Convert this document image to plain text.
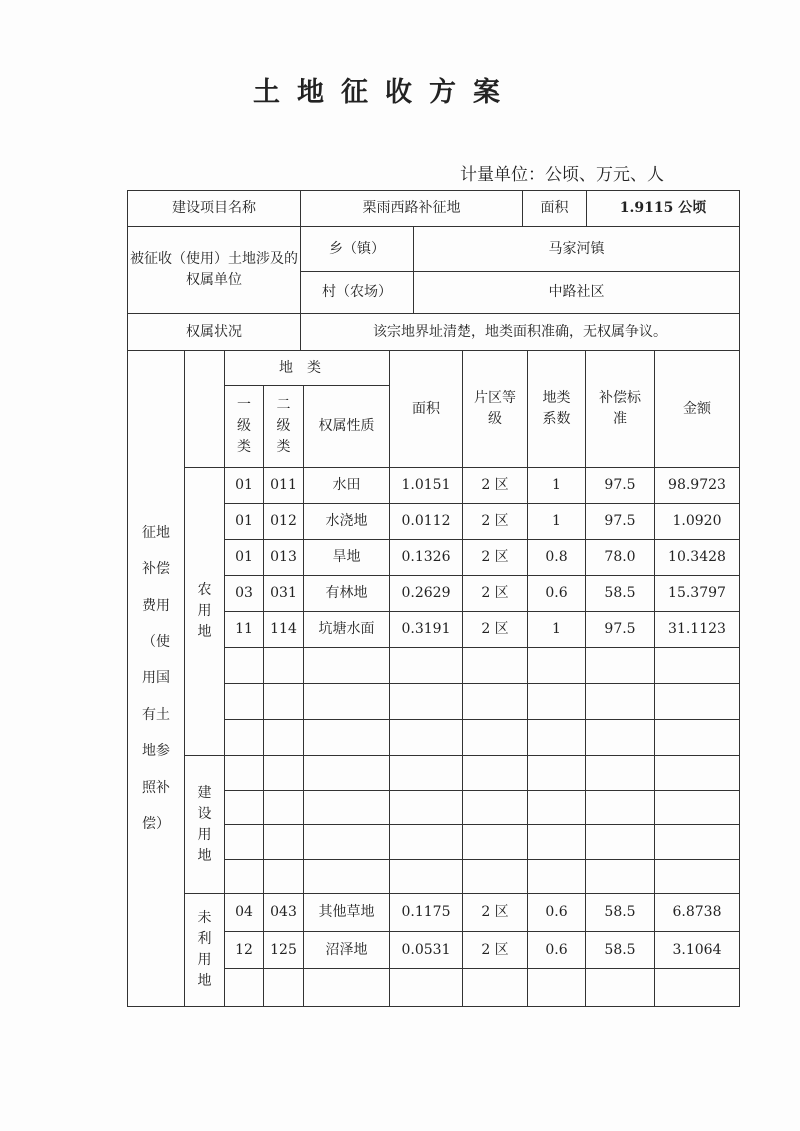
土地征收方案
计量单位：公顷、万元、人
建设项目名称	栗雨西路补征地		面积	1.9115 公顷
被征收（使用）土地涉及的权属单位	乡（镇）	马家河镇		
	村（农场）	中路社区		
权属状况	该宗地界址清楚，地类面积准确，无权属争议。			
征地补偿费用（使用国有土地参照补偿）		地类			面积	片区等级	地类系数	补偿标准	金额
		一级类	二级类	权属性质					
	农用地	01	011	水田	1.0151	2 区	1	97.5	98.9723
		01	012	水浇地	0.0112	2 区	1	97.5	1.0920
		01	013	旱地	0.1326	2 区	0.8	78.0	10.3428
		03	031	有林地	0.2629	2 区	0.6	58.5	15.3797
		11	114	坑塘水面	0.3191	2 区	1	97.5	31.1123

	建设用地								

	未利用地	04	043	其他草地	0.1175	2 区	0.6	58.5	6.8738
		12	125	沼泽地	0.0531	2 区	0.6	58.5	3.1064
